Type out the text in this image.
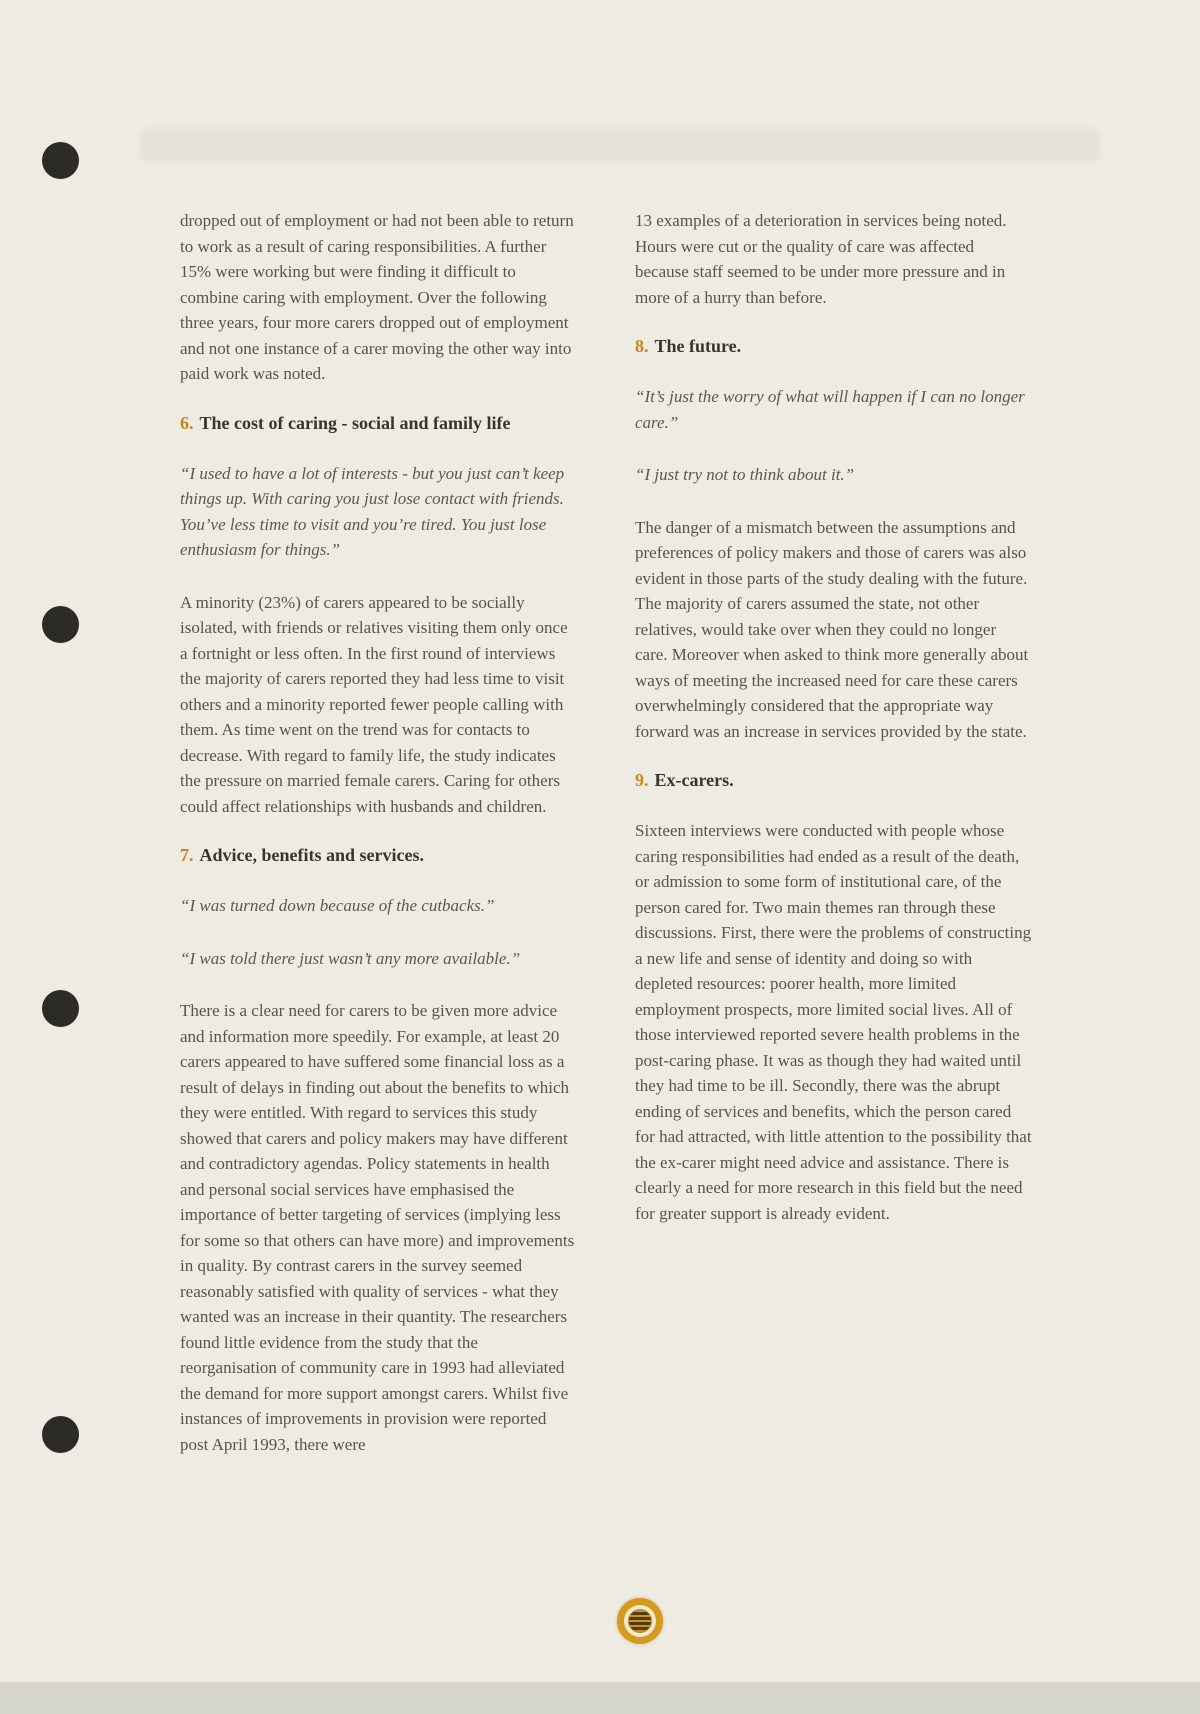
dropped out of employment or had not been able to return to work as a result of caring responsibilities. A further 15% were working but were finding it difficult to combine caring with employment. Over the following three years, four more carers dropped out of employment and not one instance of a carer moving the other way into paid work was noted.

6. The cost of caring - social and family life

“I used to have a lot of interests - but you just can’t keep things up. With caring you just lose contact with friends. You’ve less time to visit and you’re tired. You just lose enthusiasm for things.”

A minority (23%) of carers appeared to be socially isolated, with friends or relatives visiting them only once a fortnight or less often. In the first round of interviews the majority of carers reported they had less time to visit others and a minority reported fewer people calling with them. As time went on the trend was for contacts to decrease. With regard to family life, the study indicates the pressure on married female carers. Caring for others could affect relationships with husbands and children.

7. Advice, benefits and services.

“I was turned down because of the cutbacks.”

“I was told there just wasn’t any more available.”

There is a clear need for carers to be given more advice and information more speedily. For example, at least 20 carers appeared to have suffered some financial loss as a result of delays in finding out about the benefits to which they were entitled. With regard to services this study showed that carers and policy makers may have different and contradictory agendas. Policy statements in health and personal social services have emphasised the importance of better targeting of services (implying less for some so that others can have more) and improvements in quality. By contrast carers in the survey seemed reasonably satisfied with quality of services - what they wanted was an increase in their quantity. The researchers found little evidence from the study that the reorganisation of community care in 1993 had alleviated the demand for more support amongst carers. Whilst five instances of improvements in provision were reported post April 1993, there were

13 examples of a deterioration in services being noted. Hours were cut or the quality of care was affected because staff seemed to be under more pressure and in more of a hurry than before.

8. The future.

“It’s just the worry of what will happen if I can no longer care.”

“I just try not to think about it.”

The danger of a mismatch between the assumptions and preferences of policy makers and those of carers was also evident in those parts of the study dealing with the future. The majority of carers assumed the state, not other relatives, would take over when they could no longer care. Moreover when asked to think more generally about ways of meeting the increased need for care these carers overwhelmingly considered that the appropriate way forward was an increase in services provided by the state.

9. Ex-carers.

Sixteen interviews were conducted with people whose caring responsibilities had ended as a result of the death, or admission to some form of institutional care, of the person cared for. Two main themes ran through these discussions. First, there were the problems of constructing a new life and sense of identity and doing so with depleted resources: poorer health, more limited employment prospects, more limited social lives. All of those interviewed reported severe health problems in the post-caring phase. It was as though they had waited until they had time to be ill. Secondly, there was the abrupt ending of services and benefits, which the person cared for had attracted, with little attention to the possibility that the ex-carer might need advice and assistance. There is clearly a need for more research in this field but the need for greater support is already evident.
